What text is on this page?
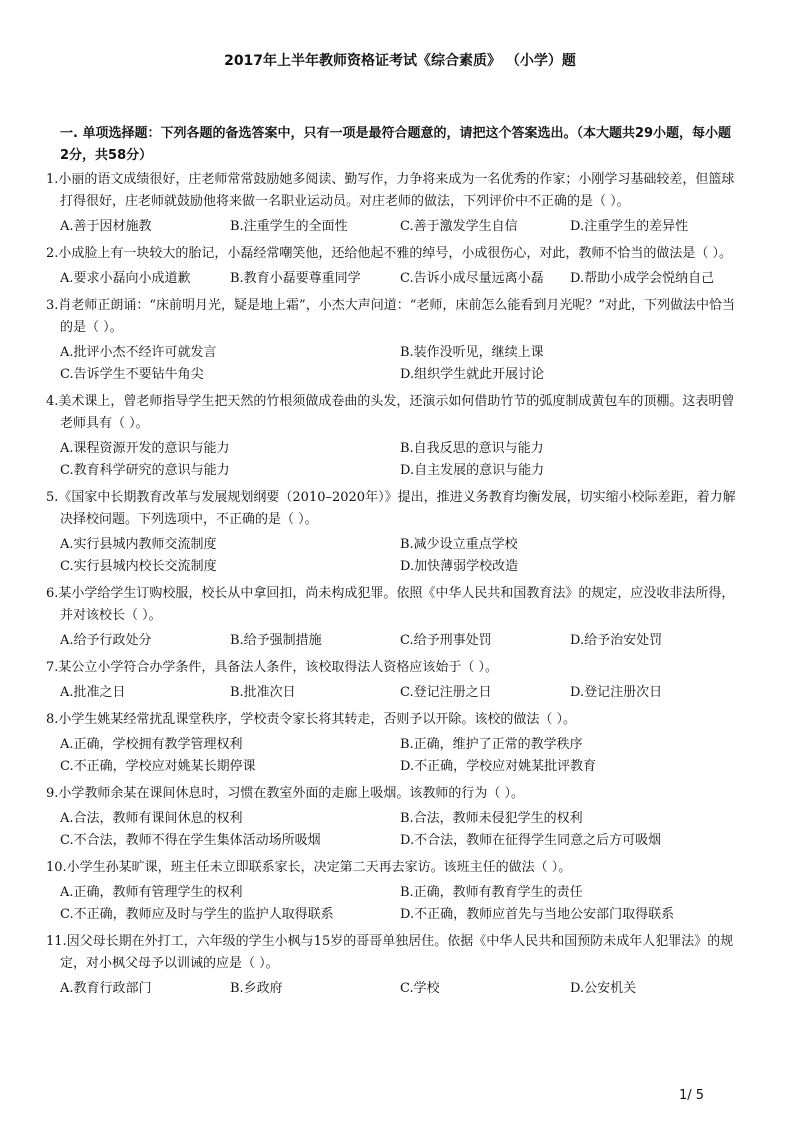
2017年上半年教师资格证考试《综合素质》 （小学）题
一. 单项选择题：下列各题的备选答案中，只有一项是最符合题意的，请把这个答案选出。（本大题共29小题，每小题2分，共58分）
1.小丽的语文成绩很好，庄老师常常鼓励她多阅读、勤写作，力争将来成为一名优秀的作家；小刚学习基础较差，但篮球打得很好，庄老师就鼓励他将来做一名职业运动员。对庄老师的做法，下列评价中不正确的是（ ）。
A.善于因材施教	B.注重学生的全面性	C.善于激发学生自信	D.注重学生的差异性
2.小成脸上有一块较大的胎记，小磊经常嘲笑他，还给他起不雅的绰号，小成很伤心，对此，教师不恰当的做法是（ ）。
A.要求小磊向小成道歉	B.教育小磊要尊重同学	C.告诉小成尽量远离小磊	D.帮助小成学会悦纳自己
3.肖老师正朗诵：“床前明月光，疑是地上霜”，小杰大声问道：“老师，床前怎么能看到月光呢？”对此，下列做法中恰当的是（ ）。
A.批评小杰不经许可就发言	B.装作没听见，继续上课
C.告诉学生不要钻牛角尖	D.组织学生就此开展讨论
4.美术课上，曾老师指导学生把天然的竹根须做成卷曲的头发，还演示如何借助竹节的弧度制成黄包车的顶棚。这表明曾老师具有（ ）。
A.课程资源开发的意识与能力	B.自我反思的意识与能力
C.教育科学研究的意识与能力	D.自主发展的意识与能力
5.《国家中长期教育改革与发展规划纲要（2010–2020年）》提出，推进义务教育均衡发展，切实缩小校际差距，着力解决择校问题。下列选项中，不正确的是（ ）。
A.实行县城内教师交流制度	B.减少设立重点学校
C.实行县城内校长交流制度	D.加快薄弱学校改造
6.某小学给学生订购校服，校长从中拿回扣，尚未构成犯罪。依照《中华人民共和国教育法》的规定，应没收非法所得，并对该校长（ ）。
A.给予行政处分	B.给予强制措施	C.给予刑事处罚	D.给予治安处罚
7.某公立小学符合办学条件，具备法人条件，该校取得法人资格应该始于（ ）。
A.批准之日	B.批准次日	C.登记注册之日	D.登记注册次日
8.小学生姚某经常扰乱课堂秩序，学校责令家长将其转走，否则予以开除。该校的做法（ ）。
A.正确，学校拥有教学管理权利	B.正确，维护了正常的教学秩序
C.不正确，学校应对姚某长期停课	D.不正确，学校应对姚某批评教育
9.小学教师余某在课间休息时，习惯在教室外面的走廊上吸烟。该教师的行为（ ）。
A.合法，教师有课间休息的权利	B.合法，教师未侵犯学生的权利
C.不合法，教师不得在学生集体活动场所吸烟	D.不合法，教师在征得学生同意之后方可吸烟
10.小学生孙某旷课，班主任未立即联系家长，决定第二天再去家访。该班主任的做法（ ）。
A.正确，教师有管理学生的权利	B.正确，教师有教育学生的责任
C.不正确，教师应及时与学生的监护人取得联系	D.不正确，教师应首先与当地公安部门取得联系
11.因父母长期在外打工，六年级的学生小枫与15岁的哥哥单独居住。依据《中华人民共和国预防未成年人犯罪法》的规定，对小枫父母予以训诫的应是（ ）。
A.教育行政部门	B.乡政府	C.学校	D.公安机关
1/ 5
